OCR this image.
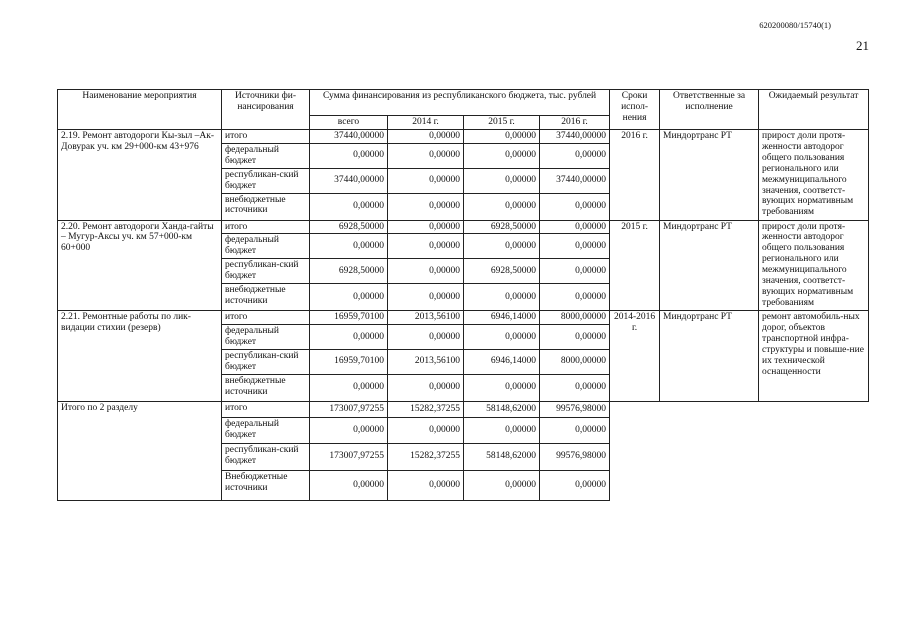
620200080/15740(1)
21
Наименование мероприятия	Источники фи-нансирования	Сумма финансирования из республиканского бюджета, тыс. рублей				Сроки испол-нения	Ответственные за исполнение	Ожидаемый результат
		всего	2014 г.	2015 г.	2016 г.			
2.19. Ремонт автодороги Кы-зыл –Ак-Довурак уч. км 29+000-км 43+976	итого	37440,00000	0,00000	0,00000	37440,00000	2016 г.	Миндортранс РТ	прирост доли протя-женности автодорог общего пользования регионального или межмуниципального значения, соответст-вующих нормативным требованиям
	федеральный бюджет	0,00000	0,00000	0,00000	0,00000			
	республикан-ский бюджет	37440,00000	0,00000	0,00000	37440,00000			
	внебюджетные источники	0,00000	0,00000	0,00000	0,00000			
2.20. Ремонт автодороги Ханда-гайты – Мугур-Аксы уч. км 57+000-км 60+000	итого	6928,50000	0,00000	6928,50000	0,00000	2015 г.	Миндортранс РТ	прирост доли протя-женности автодорог общего пользования регионального или межмуниципального значения, соответст-вующих нормативным требованиям
	федеральный бюджет	0,00000	0,00000	0,00000	0,00000			
	республикан-ский бюджет	6928,50000	0,00000	6928,50000	0,00000			
	внебюджетные источники	0,00000	0,00000	0,00000	0,00000			
2.21. Ремонтные работы по лик-видации стихии (резерв)	итого	16959,70100	2013,56100	6946,14000	8000,00000	2014-2016 г.	Миндортранс РТ	ремонт автомобиль-ных дорог, объектов транспортной инфра-структуры и повыше-ние их технической оснащенности
	федеральный бюджет	0,00000	0,00000	0,00000	0,00000			
	республикан-ский бюджет	16959,70100	2013,56100	6946,14000	8000,00000			
	внебюджетные источники	0,00000	0,00000	0,00000	0,00000			
Итого по 2 разделу	итого	173007,97255	15282,37255	58148,62000	99576,98000			
	федеральный бюджет	0,00000	0,00000	0,00000	0,00000			
	республикан-ский бюджет	173007,97255	15282,37255	58148,62000	99576,98000			
	Внебюджетные источники	0,00000	0,00000	0,00000	0,00000			
